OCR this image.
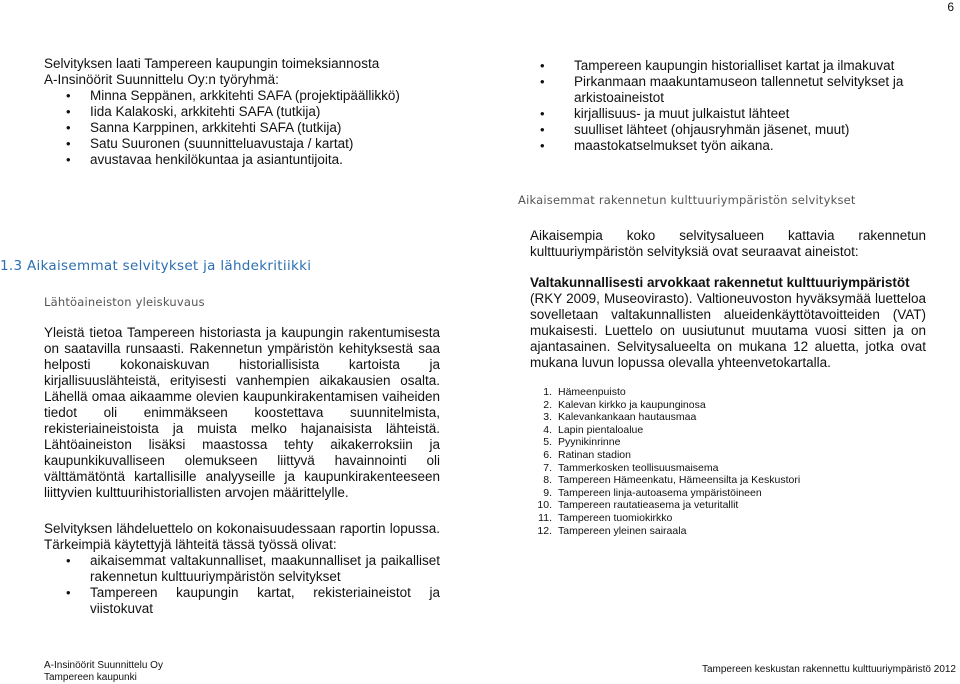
6

Selvityksen laati Tampereen kaupungin toimeksiannosta

A-Insinöörit Suunnittelu Oy:n työryhmä:

• Minna Seppänen, arkkitehti SAFA (projektipäällikkö)
• Iida Kalakoski, arkkitehti SAFA (tutkija)
• Sanna Karppinen, arkkitehti SAFA (tutkija)
• Satu Suuronen (suunnitteluavustaja / kartat)
• avustavaa henkilökuntaa ja asiantuntijoita.
1.3 Aikaisemmat selvitykset ja lähdekritiikki
Lähtöaineiston yleiskuvaus

Yleistä tietoa Tampereen historiasta ja kaupungin rakentumisesta on saatavilla runsaasti. Rakennetun ympäristön kehityksestä saa helposti kokonaiskuvan historiallisista kartoista ja kirjallisuuslähteistä, erityisesti vanhempien aikakausien osalta. Lähellä omaa aikaamme olevien kaupunkirakentamisen vaiheiden tiedot oli enimmäkseen koostettava suunnitelmista, rekisteriaineistoista ja muista melko hajanaisista lähteistä. Lähtöaineiston lisäksi maastossa tehty aikakerroksiin ja kaupunkikuvalliseen olemukseen liittyvä havainnointi oli välttämätöntä kartallisille analyyseille ja kaupunkirakenteeseen liittyvien kulttuurihistoriallisten arvojen määrittelylle.

Selvityksen lähdeluettelo on kokonaisuudessaan raportin lopussa. Tärkeimpiä käytettyjä lähteitä tässä työssä olivat:

• aikaisemmat valtakunnalliset, maakunnalliset ja paikalliset rakennetun kulttuuriympäristön selvitykset
• Tampereen kaupungin kartat, rekisteriaineistot ja viistokuvat
• Tampereen kaupungin historialliset kartat ja ilmakuvat
• Pirkanmaan maakuntamuseon tallennetut selvitykset ja arkistoaineistot
• kirjallisuus- ja muut julkaistut lähteet
• suulliset lähteet (ohjausryhmän jäsenet, muut)
• maastokatselmukset työn aikana.
Aikaisemmat rakennetun kulttuuriympäristön selvitykset

Aikaisempia koko selvitysalueen kattavia rakennetun kulttuuriympäristön selvityksiä ovat seuraavat aineistot:

Valtakunnallisesti arvokkaat rakennetut kulttuuriympäristöt

(RKY 2009, Museovirasto). Valtioneuvoston hyväksymää luetteloa sovelletaan valtakunnallisten alueidenkäyttötavoitteiden (VAT) mukaisesti. Luettelo on uusiutunut muutama vuosi sitten ja on ajantasainen. Selvitysalueelta on mukana 12 aluetta, jotka ovat mukana luvun lopussa olevalla yhteenvetokartalla.

1. Hämeenpuisto
2. Kalevan kirkko ja kaupunginosa
3. Kalevankankaan hautausmaa
4. Lapin pientaloalue
5. Pyynikinrinne
6. Ratinan stadion
7. Tammerkosken teollisuusmaisema
8. Tampereen Hämeenkatu, Hämeensilta ja Keskustori
9. Tampereen linja-autoasema ympäristöineen
10. Tampereen rautatieasema ja veturitallit
11. Tampereen tuomiokirkko
12. Tampereen yleinen sairaala
A-Insinöörit Suunnittelu Oy
Tampereen kaupunki
Tampereen keskustan rakennettu kulttuuriympäristö 2012
